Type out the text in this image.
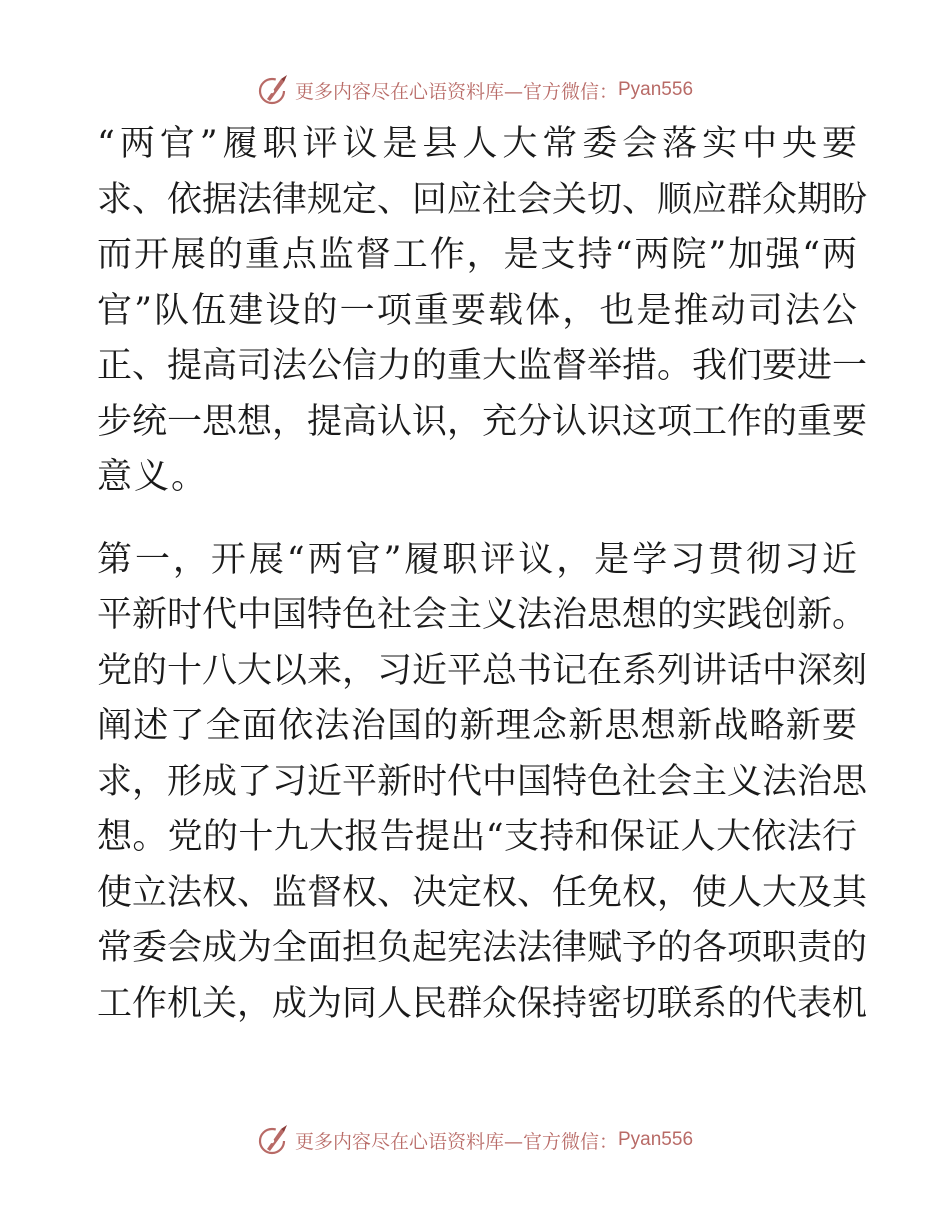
更多内容尽在心语资料库—官方微信： Pyan556
“两官”履职评议是县人大常委会落实中央要
求、依据法律规定、回应社会关切、顺应群众期盼
而开展的重点监督工作，是支持“两院”加强“两
官”队伍建设的一项重要载体，也是推动司法公
正、提高司法公信力的重大监督举措。我们要进一
步统一思想，提高认识，充分认识这项工作的重要
意义。
第一，开展“两官”履职评议，是学习贯彻习近
平新时代中国特色社会主义法治思想的实践创新。
党的十八大以来，习近平总书记在系列讲话中深刻
阐述了全面依法治国的新理念新思想新战略新要
求，形成了习近平新时代中国特色社会主义法治思
想。党的十九大报告提出“支持和保证人大依法行
使立法权、监督权、决定权、任免权，使人大及其
常委会成为全面担负起宪法法律赋予的各项职责的
工作机关，成为同人民群众保持密切联系的代表机
更多内容尽在心语资料库—官方微信： Pyan556
